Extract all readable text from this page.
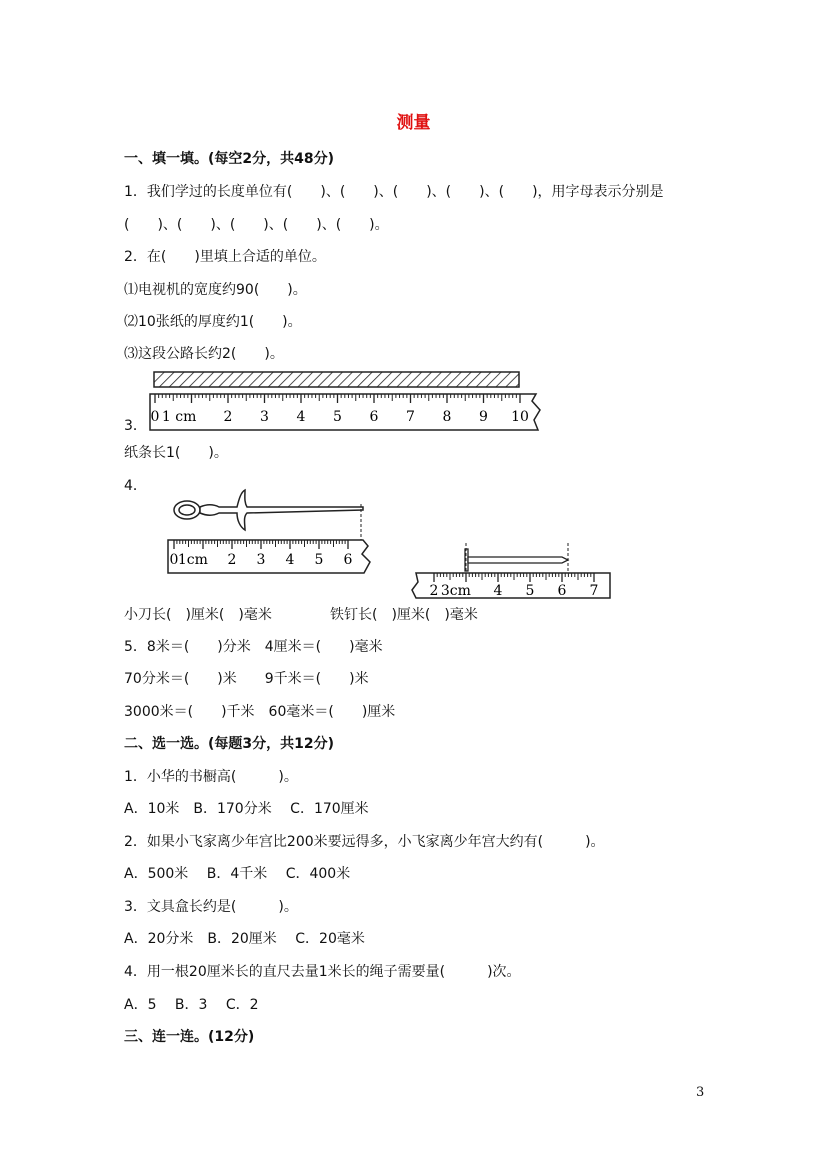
测量
一、填一填。(每空2分，共48分)
1．我们学过的长度单位有(　　)、(　　)、(　　)、(　　)、(　　)，用字母表示分别是
(　　)、(　　)、(　　)、(　　)、(　　)。
2．在(　　)里填上合适的单位。
⑴电视机的宽度约90(　　)。
⑵10张纸的厚度约1(　　)。
⑶这段公路长约2(　　)。
0 1 cm 2 3 4 5 6 7 8 9 10
3．
纸条长1(　　)。
4．
0 1cm 2 3 4 5 6
2 3cm 4 5 6 7
小刀长(　)厘米(　)毫米	铁钉长(　)厘米(　)毫米
5．8米＝(　　)分米　4厘米＝(　　)毫米
70分米＝(　　)米　　9千米＝(　　)米
3000米＝(　　)千米　60毫米＝(　　)厘米
二、选一选。(每题3分，共12分)
1．小华的书橱高(　　　)。
A．10米　B．170分米　 C．170厘米
2．如果小飞家离少年宫比200米要远得多，小飞家离少年宫大约有(　　　)。
A．500米　 B．4千米　 C．400米
3．文具盒长约是(　　　)。
A．20分米　B．20厘米　 C．20毫米
4．用一根20厘米长的直尺去量1米长的绳子需要量(　　　)次。
A．5　 B．3　 C．2
三、连一连。(12分)
3
